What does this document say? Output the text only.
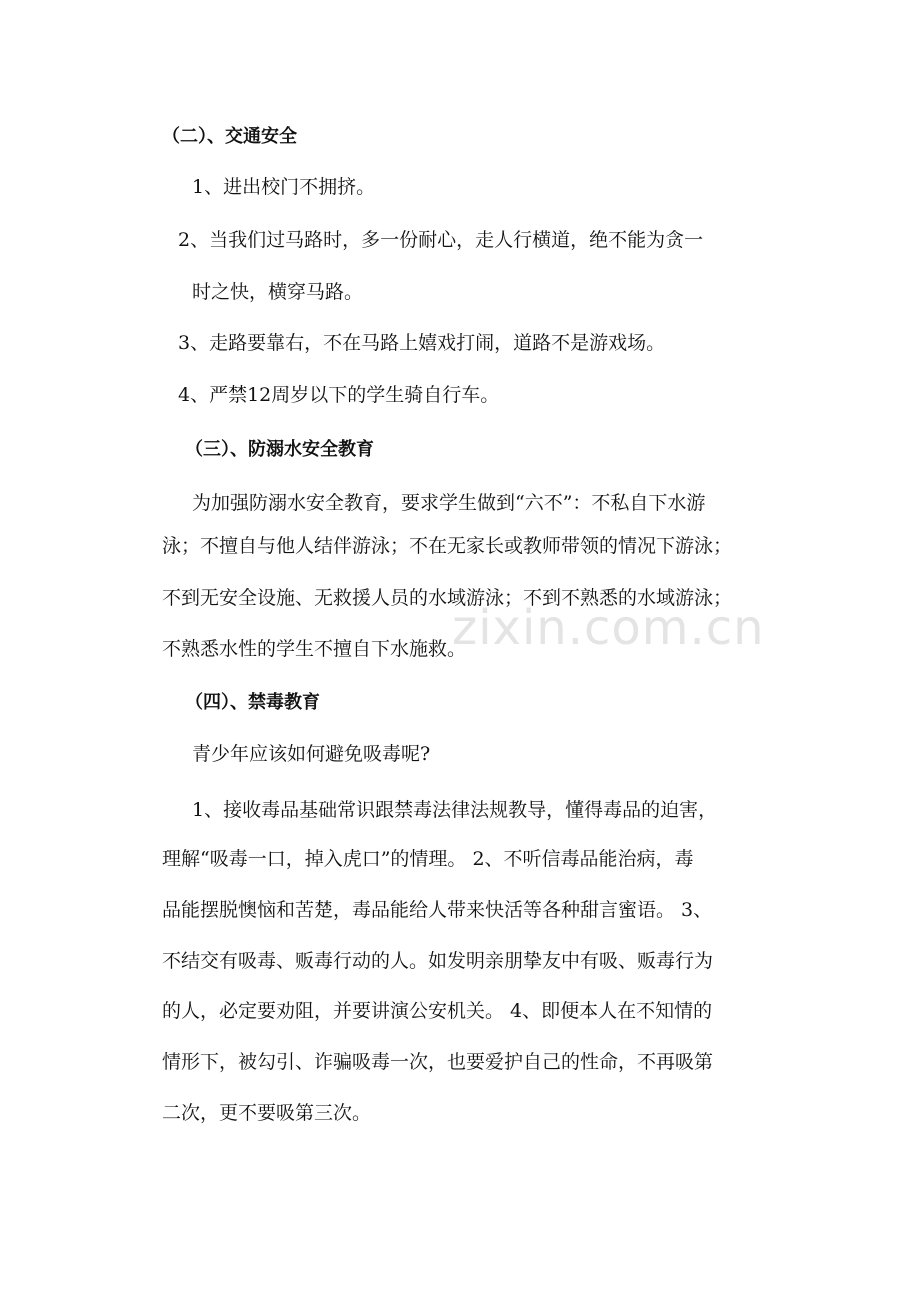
zixin.com.cn

（二）、交通安全

1、进出校门不拥挤。

2、当我们过马路时，多一份耐心，走人行横道，绝不能为贪一

时之快，横穿马路。

3、走路要靠右，不在马路上嬉戏打闹，道路不是游戏场。

4、严禁12周岁以下的学生骑自行车。

（三）、防溺水安全教育

为加强防溺水安全教育，要求学生做到“六不”：不私自下水游

泳；不擅自与他人结伴游泳；不在无家长或教师带领的情况下游泳；

不到无安全设施、无救援人员的水域游泳；不到不熟悉的水域游泳；

不熟悉水性的学生不擅自下水施救。

（四）、禁毒教育

青少年应该如何避免吸毒呢?

1、接收毒品基础常识跟禁毒法律法规教导，懂得毒品的迫害，

理解“吸毒一口，掉入虎口”的情理。 2、不听信毒品能治病，毒

品能摆脱懊恼和苦楚，毒品能给人带来快活等各种甜言蜜语。 3、

不结交有吸毒、贩毒行动的人。如发明亲朋挚友中有吸、贩毒行为

的人，必定要劝阻，并要讲演公安机关。 4、即便本人在不知情的

情形下，被勾引、诈骗吸毒一次，也要爱护自己的性命，不再吸第

二次，更不要吸第三次。
